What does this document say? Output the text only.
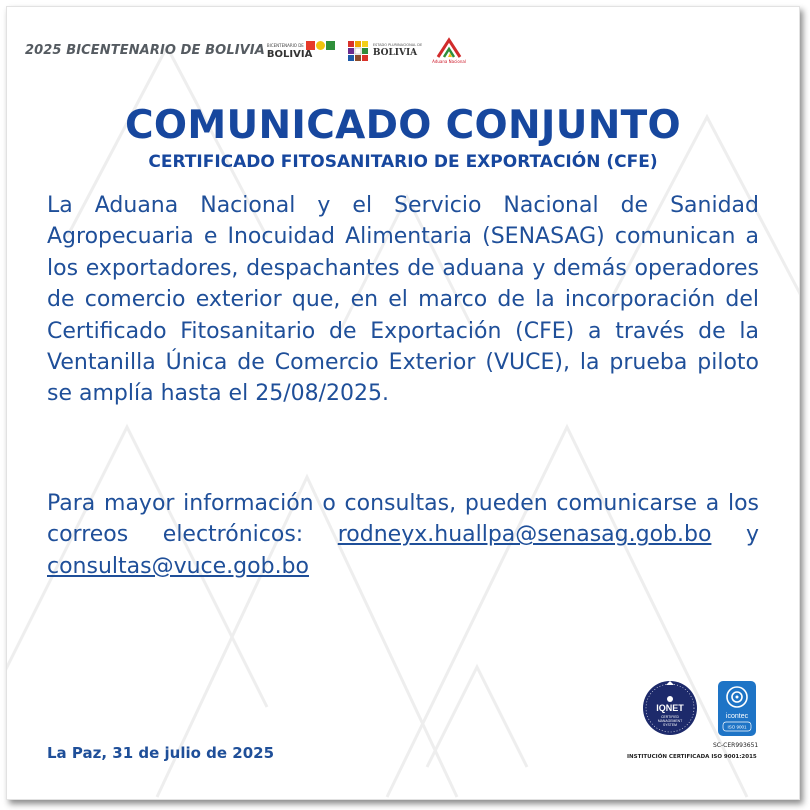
2025 BICENTENARIO DE BOLIVIA BICENTENARIO DE
BOLIVIA
ESTADO PLURINACIONAL DE
BOLIVIA
Aduana Nacional
COMUNICADO CONJUNTO
CERTIFICADO FITOSANITARIO DE EXPORTACIÓN (CFE)
La Aduana Nacional y el Servicio Nacional de Sanidad Agropecuaria e Inocuidad Alimentaria (SENASAG) comunican a los exportadores, despachantes de aduana y demás operadores de comercio exterior que, en el marco de la incorporación del Certificado Fitosanitario de Exportación (CFE) a través de la Ventanilla Única de Comercio Exterior (VUCE), la prueba piloto se amplía hasta el 25/08/2025.
Para mayor información o consultas, pueden comunicarse a los correos electrónicos: rodneyx.huallpa@senasag.gob.bo y consultas@vuce.gob.bo
La Paz, 31 de julio de 2025
IQNET
CERTIFIED
MANAGEMENT
SYSTEM
icontec
ISO 9001
SC-CER993651
INSTITUCIÓN CERTIFICADA ISO 9001:2015
